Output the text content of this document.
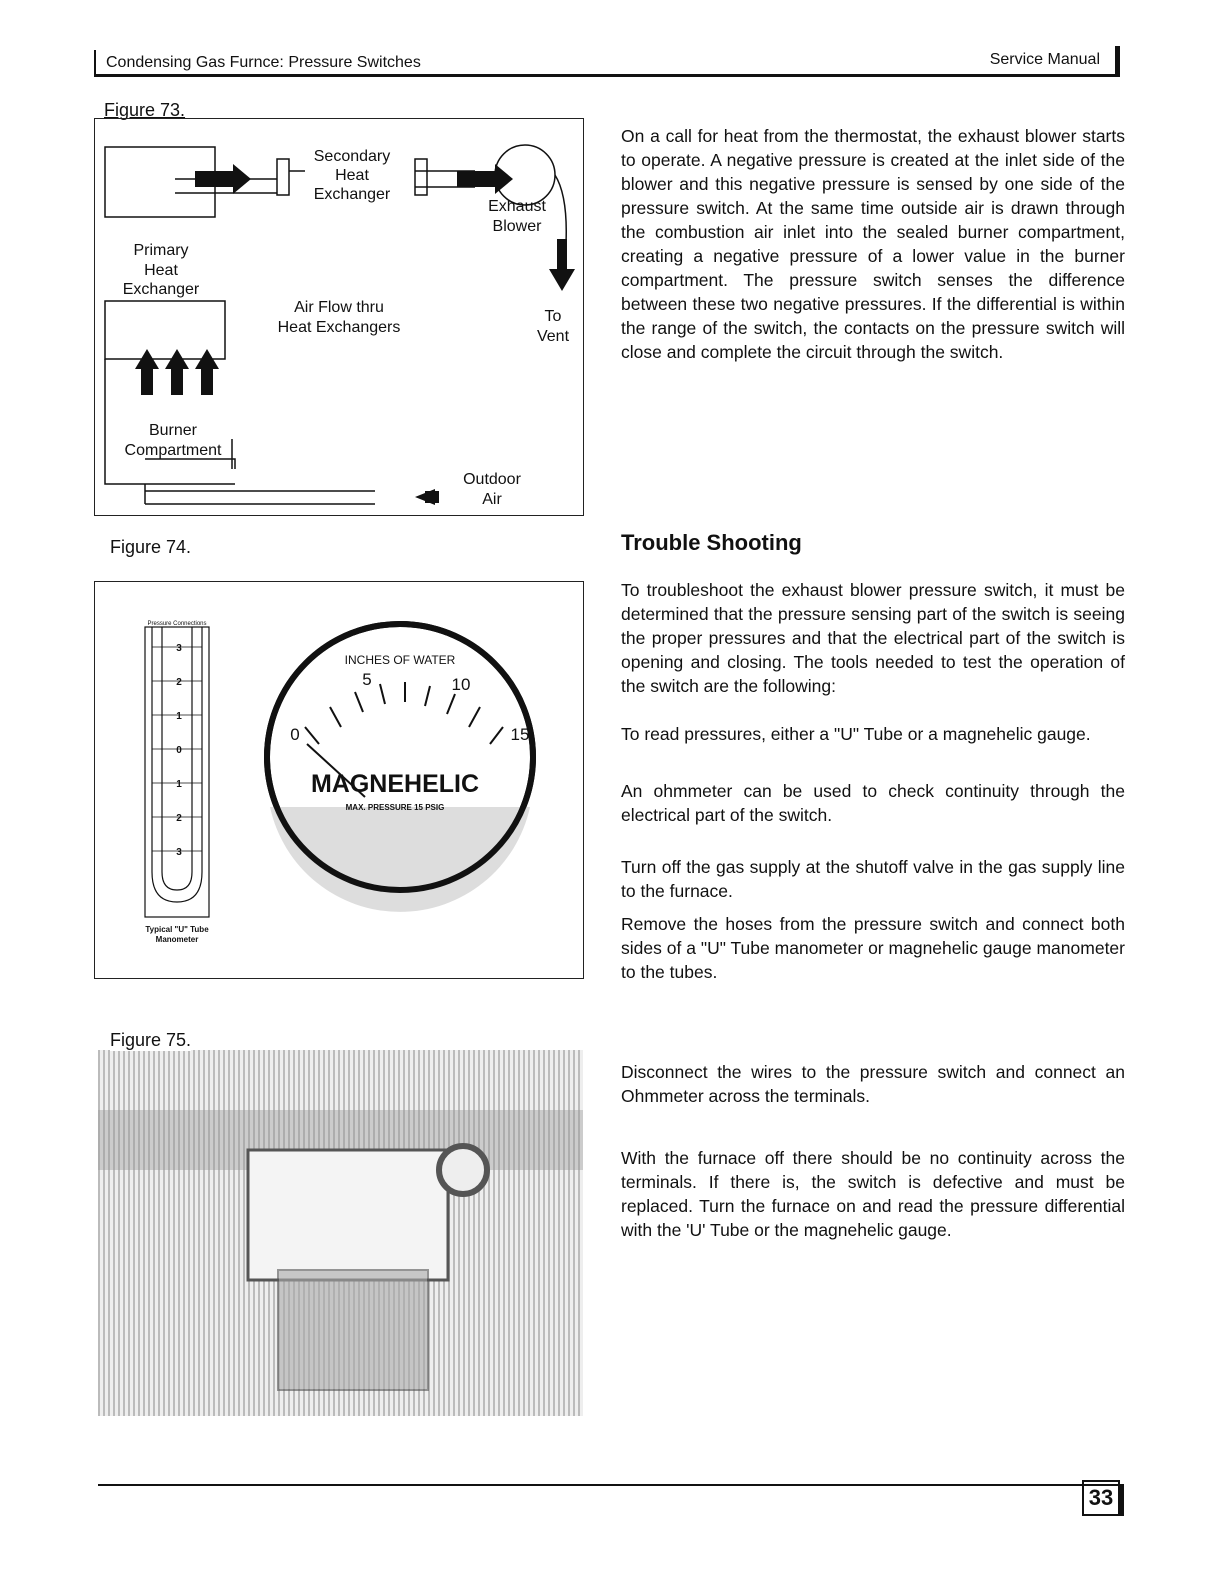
Condensing Gas Furnce: Pressure Switches	Service Manual
Figure 73.
Secondary
Heat
Exchanger
Exhaust
Blower
Primary
Heat
Exchanger
Air Flow thru
Heat Exchangers
To
Vent
Burner
Compartment
Outdoor
Air
Figure 74.
Pressure Connections
3
2
1
0
1
2
3
Typical "U" Tube
Manometer
INCHES OF WATER
0
5	10
15
MAGNEHELIC
MAX. PRESSURE 15 PSIG
Figure 75.

On a call for heat from the thermostat, the exhaust blower starts to operate. A negative pressure is created at the inlet side of the blower and this negative pressure is sensed by one side of the pressure switch. At the same time outside air is drawn through the combustion air inlet into the sealed burner compartment, creating a negative pressure of a lower value in the burner compartment. The pressure switch senses the difference between these two negative pressures. If the differential is within the range of the switch, the contacts on the pressure switch will close and complete the circuit through the switch.

Trouble Shooting

To troubleshoot the exhaust blower pressure switch, it must be determined that the pressure sensing part of the switch is seeing the proper pressures and that the electrical part of the switch is opening and closing. The tools needed to test the operation of the switch are the following:

To read pressures, either a "U" Tube or a magnehelic gauge.

An ohmmeter can be used to check continuity through the electrical part of the switch.

Turn off the gas supply at the shutoff valve in the gas supply line to the furnace.

Remove the hoses from the pressure switch and connect both sides of a "U" Tube manometer or magnehelic gauge manometer to the tubes.

Disconnect the wires to the pressure switch and connect an Ohmmeter across the terminals.

With the furnace off there should be no continuity across the terminals. If there is, the switch is defective and must be replaced. Turn the furnace on and read the pressure differential with the 'U' Tube or the magnehelic gauge.

33
